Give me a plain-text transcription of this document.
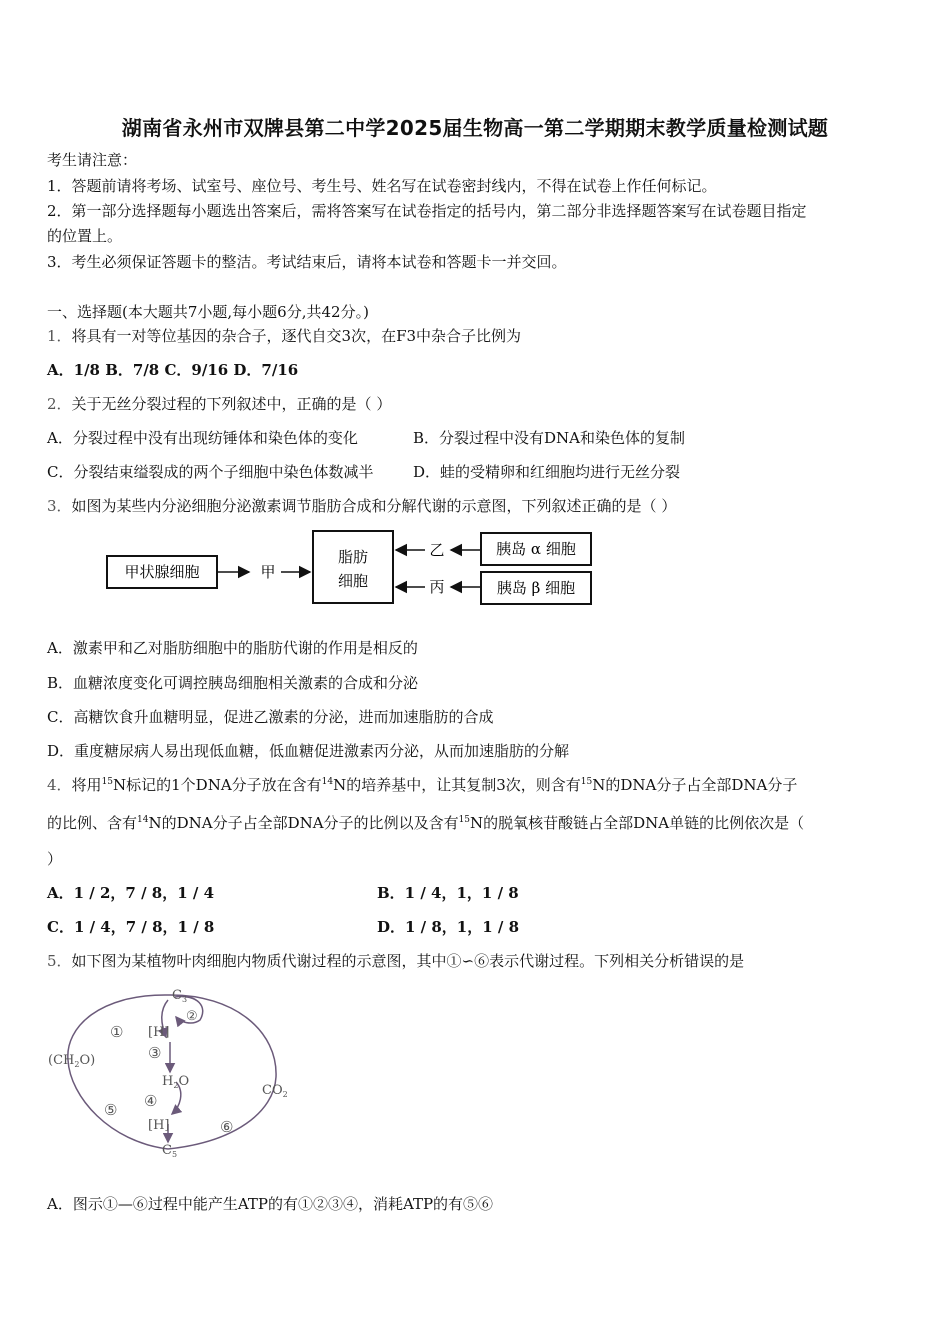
湖南省永州市双牌县第二中学2025届生物高一第二学期期末教学质量检测试题
考生请注意：
1．答题前请将考场、试室号、座位号、考生号、姓名写在试卷密封线内，不得在试卷上作任何标记。
2．第一部分选择题每小题选出答案后，需将答案写在试卷指定的括号内，第二部分非选择题答案写在试卷题目指定
的位置上。
3．考生必须保证答题卡的整洁。考试结束后，请将本试卷和答题卡一并交回。
一、选择题(本大题共7小题,每小题6分,共42分。)
1．将具有一对等位基因的杂合子，逐代自交3次，在F3中杂合子比例为
A．1/8 B．7/8 C．9/16 D．7/16
2．关于无丝分裂过程的下列叙述中，正确的是（ ）
A．分裂过程中没有出现纺锤体和染色体的变化	B．分裂过程中没有DNA和染色体的复制
C．分裂结束缢裂成的两个子细胞中染色体数减半	D．蛙的受精卵和红细胞均进行无丝分裂
3．如图为某些内分泌细胞分泌激素调节脂肪合成和分解代谢的示意图，下列叙述正确的是（ ）
甲状腺细胞	甲
脂肪
细胞
乙
丙
胰岛 α 细胞
胰岛 β 细胞
A．激素甲和乙对脂肪细胞中的脂肪代谢的作用是相反的
B．血糖浓度变化可调控胰岛细胞相关激素的合成和分泌
C．高糖饮食升血糖明显，促进乙激素的分泌，进而加速脂肪的合成
D．重度糖尿病人易出现低血糖，低血糖促进激素丙分泌，从而加速脂肪的分解
4．将用$^{15}$N标记的1个DNA分子放在含有$^{14}$N的培养基中，让其复制3次，则含有$^{15}$N的DNA分子占全部DNA分子
的比例、含有$^{14}$N的DNA分子占全部DNA分子的比例以及含有$^{15}$N的脱氧核苷酸链占全部DNA单链的比例依次是（
）
A．1 / 2，7 / 8，1 / 4	B．1 / 4，1，1 / 8
C．1 / 4，7 / 8，1 / 8	D．1 / 8，1，1 / 8
5．如下图为某植物叶肉细胞内物质代谢过程的示意图，其中①∽⑥表示代谢过程。下列相关分析错误的是
$C_3$
[H]
$(CH_2O)$
$H_2O$
$CO_2$
[H]
$C_5$
①
②
③
④
⑤
⑥
A．图示①—⑥过程中能产生ATP的有①②③④，消耗ATP的有⑤⑥
